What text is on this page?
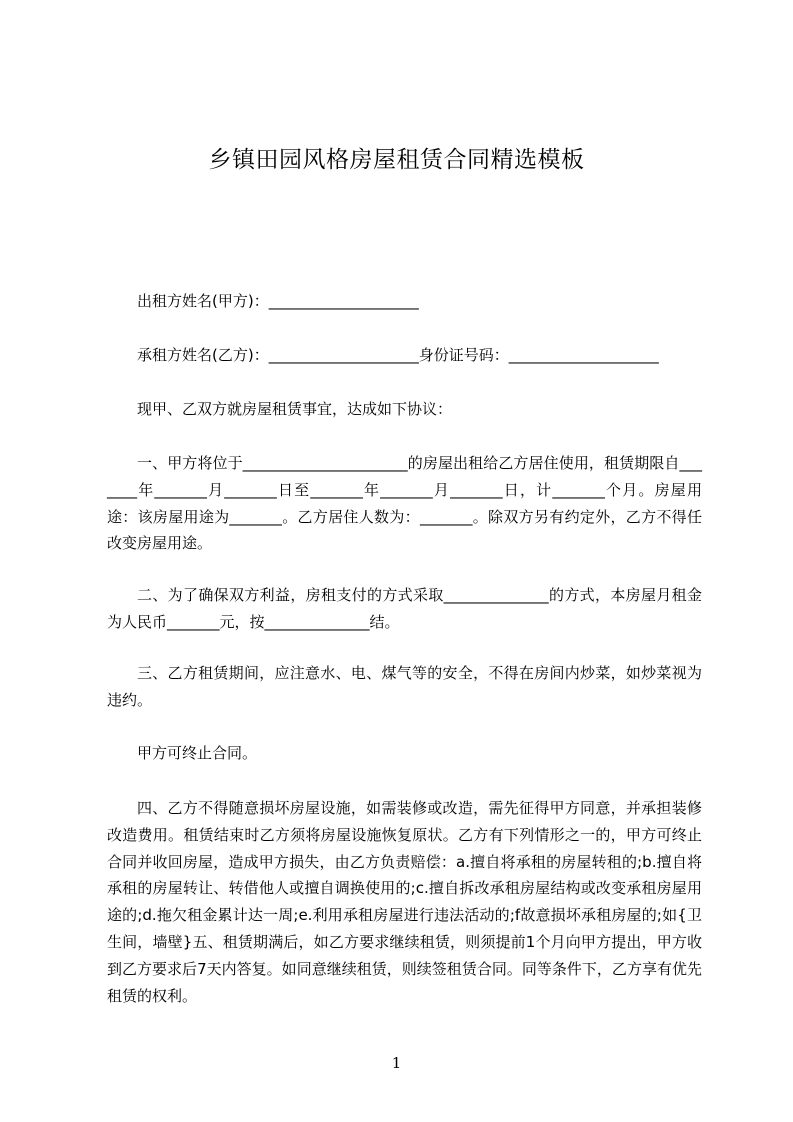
乡镇田园风格房屋租赁合同精选模板

出租方姓名(甲方)：____________________

承租方姓名(乙方)：____________________身份证号码：____________________

现甲、乙双方就房屋租赁事宜，达成如下协议：

一、甲方将位于______________________的房屋出租给乙方居住使用，租赁期限自_______年_______月_______日至_______年_______月_______日，计_______个月。房屋用途：该房屋用途为_______。乙方居住人数为：_______。除双方另有约定外，乙方不得任改变房屋用途。

二、为了确保双方利益，房租支付的方式采取______________的方式，本房屋月租金为人民币_______元，按______________结。

三、乙方租赁期间，应注意水、电、煤气等的安全，不得在房间内炒菜，如炒菜视为违约。

甲方可终止合同。

四、乙方不得随意损坏房屋设施，如需装修或改造，需先征得甲方同意，并承担装修改造费用。租赁结束时乙方须将房屋设施恢复原状。乙方有下列情形之一的，甲方可终止合同并收回房屋，造成甲方损失，由乙方负责赔偿：a.擅自将承租的房屋转租的;b.擅自将承租的房屋转让、转借他人或擅自调换使用的;c.擅自拆改承租房屋结构或改变承租房屋用途的;d.拖欠租金累计达一周;e.利用承租房屋进行违法活动的;f故意损坏承租房屋的;如{卫生间，墙壁}五、租赁期满后，如乙方要求继续租赁，则须提前1个月向甲方提出，甲方收到乙方要求后7天内答复。如同意继续租赁，则续签租赁合同。同等条件下，乙方享有优先租赁的权利。

1
